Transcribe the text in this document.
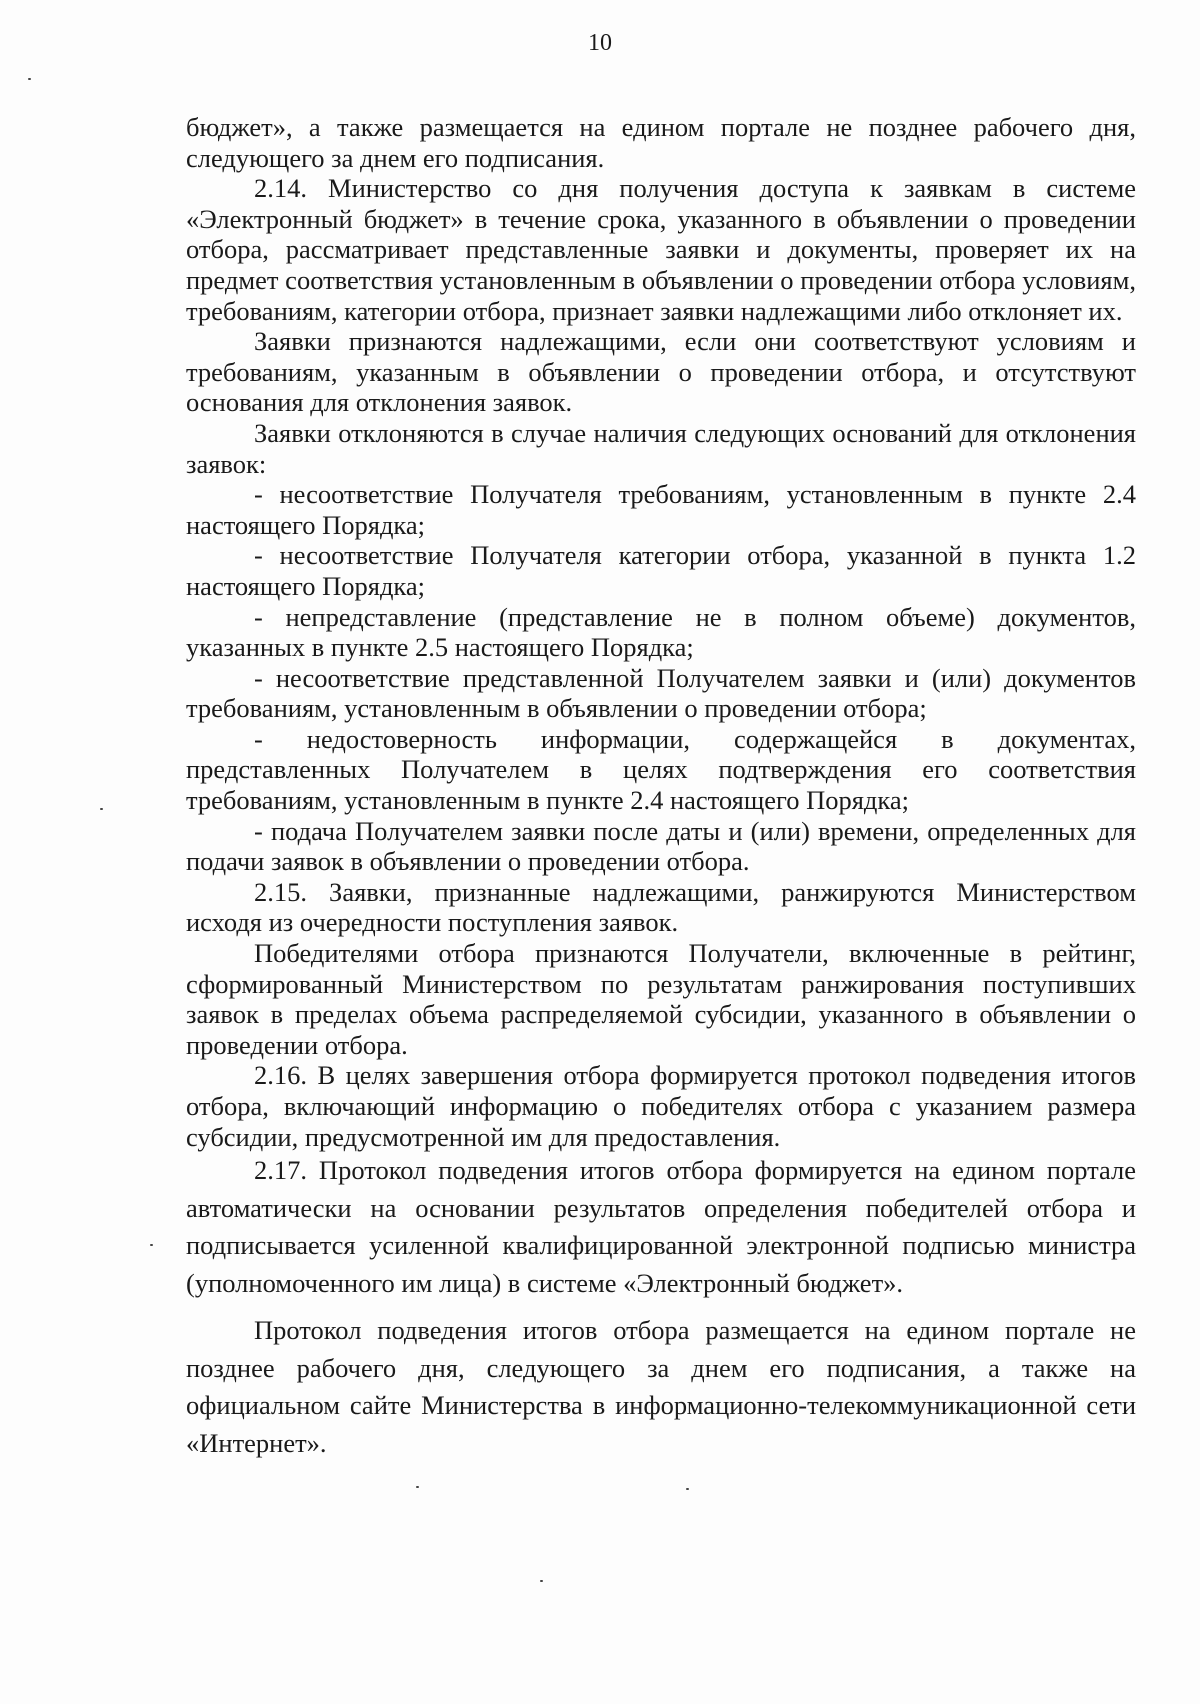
10

бюджет», а также размещается на едином портале не позднее рабочего дня, следующего за днем его подписания.

2.14. Министерство со дня получения доступа к заявкам в системе «Электронный бюджет» в течение срока, указанного в объявлении о проведении отбора, рассматривает представленные заявки и документы, проверяет их на предмет соответствия установленным в объявлении о проведении отбора условиям, требованиям, категории отбора, признает заявки надлежащими либо отклоняет их.

Заявки признаются надлежащими, если они соответствуют условиям и требованиям, указанным в объявлении о проведении отбора, и отсутствуют основания для отклонения заявок.

Заявки отклоняются в случае наличия следующих оснований для отклонения заявок:

- несоответствие Получателя требованиям, установленным в пункте 2.4 настоящего Порядка;

- несоответствие Получателя категории отбора, указанной в пункта 1.2 настоящего Порядка;

- непредставление (представление не в полном объеме) документов, указанных в пункте 2.5 настоящего Порядка;

- несоответствие представленной Получателем заявки и (или) документов требованиям, установленным в объявлении о проведении отбора;

- недостоверность информации, содержащейся в документах, представленных Получателем в целях подтверждения его соответствия требованиям, установленным в пункте 2.4 настоящего Порядка;

- подача Получателем заявки после даты и (или) времени, определенных для подачи заявок в объявлении о проведении отбора.

2.15. Заявки, признанные надлежащими, ранжируются Министерством исходя из очередности поступления заявок.

Победителями отбора признаются Получатели, включенные в рейтинг, сформированный Министерством по результатам ранжирования поступивших заявок в пределах объема распределяемой субсидии, указанного в объявлении о проведении отбора.

2.16. В целях завершения отбора формируется протокол подведения итогов отбора, включающий информацию о победителях отбора с указанием размера субсидии, предусмотренной им для предоставления.

2.17. Протокол подведения итогов отбора формируется на едином портале автоматически на основании результатов определения победителей отбора и подписывается усиленной квалифицированной электронной подписью министра (уполномоченного им лица) в системе «Электронный бюджет».

Протокол подведения итогов отбора размещается на едином портале не позднее рабочего дня, следующего за днем его подписания, а также на официальном сайте Министерства в информационно-телекоммуникационной сети «Интернет».
